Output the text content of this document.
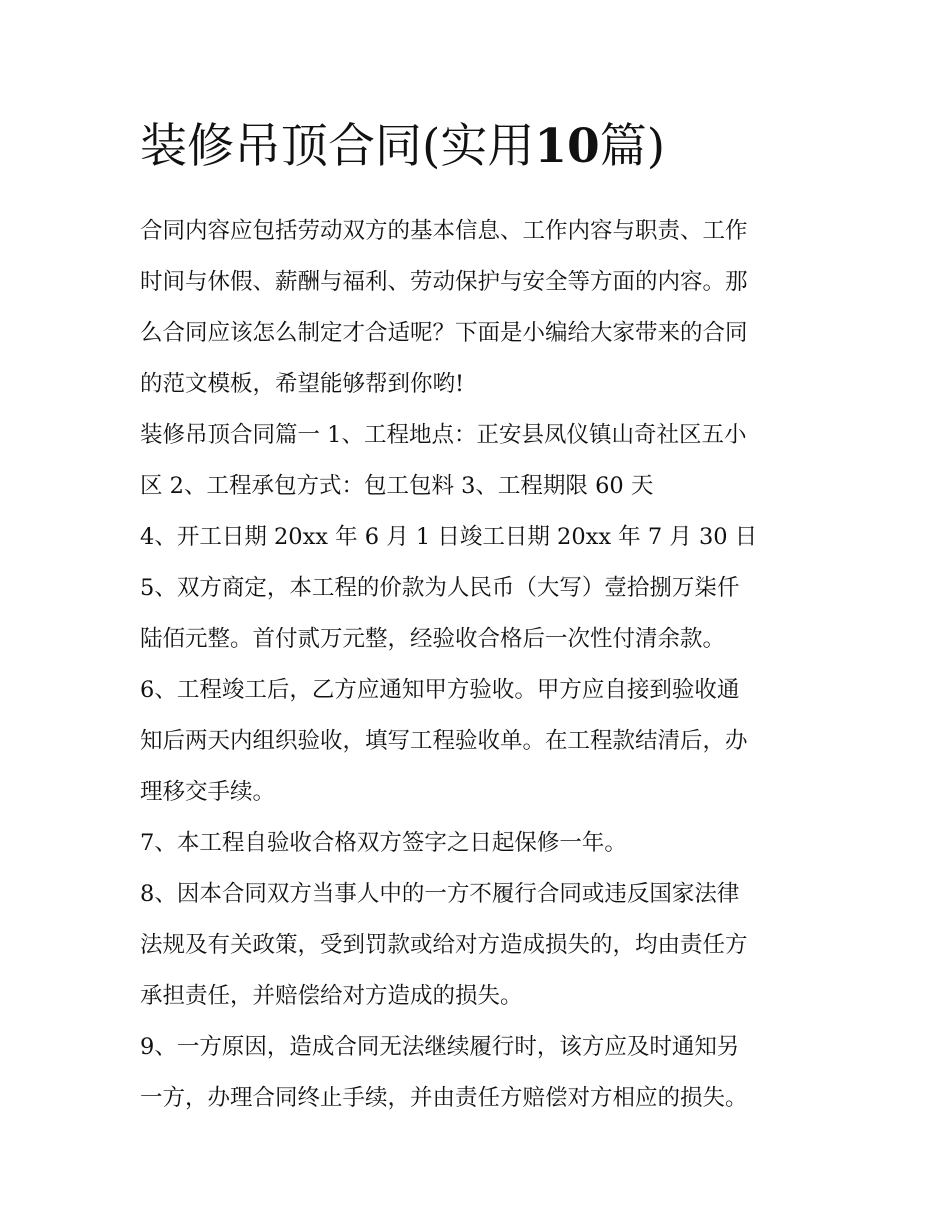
装修吊顶合同(实用10篇)

合同内容应包括劳动双方的基本信息、工作内容与职责、工作
时间与休假、薪酬与福利、劳动保护与安全等方面的内容。那
么合同应该怎么制定才合适呢？下面是小编给大家带来的合同
的范文模板，希望能够帮到你哟!

装修吊顶合同篇一 1、工程地点：正安县凤仪镇山奇社区五小
区 2、工程承包方式：包工包料 3、工程期限 60 天

4、开工日期 20xx 年 6 月 1 日竣工日期 20xx 年 7 月 30 日

5、双方商定，本工程的价款为人民币（大写）壹拾捌万柒仟
陆佰元整。首付贰万元整，经验收合格后一次性付清余款。

6、工程竣工后，乙方应通知甲方验收。甲方应自接到验收通
知后两天内组织验收，填写工程验收单。在工程款结清后，办
理移交手续。

7、本工程自验收合格双方签字之日起保修一年。

8、因本合同双方当事人中的一方不履行合同或违反国家法律
法规及有关政策，受到罚款或给对方造成损失的，均由责任方
承担责任，并赔偿给对方造成的损失。

9、一方原因，造成合同无法继续履行时，该方应及时通知另
一方，办理合同终止手续，并由责任方赔偿对方相应的损失。
